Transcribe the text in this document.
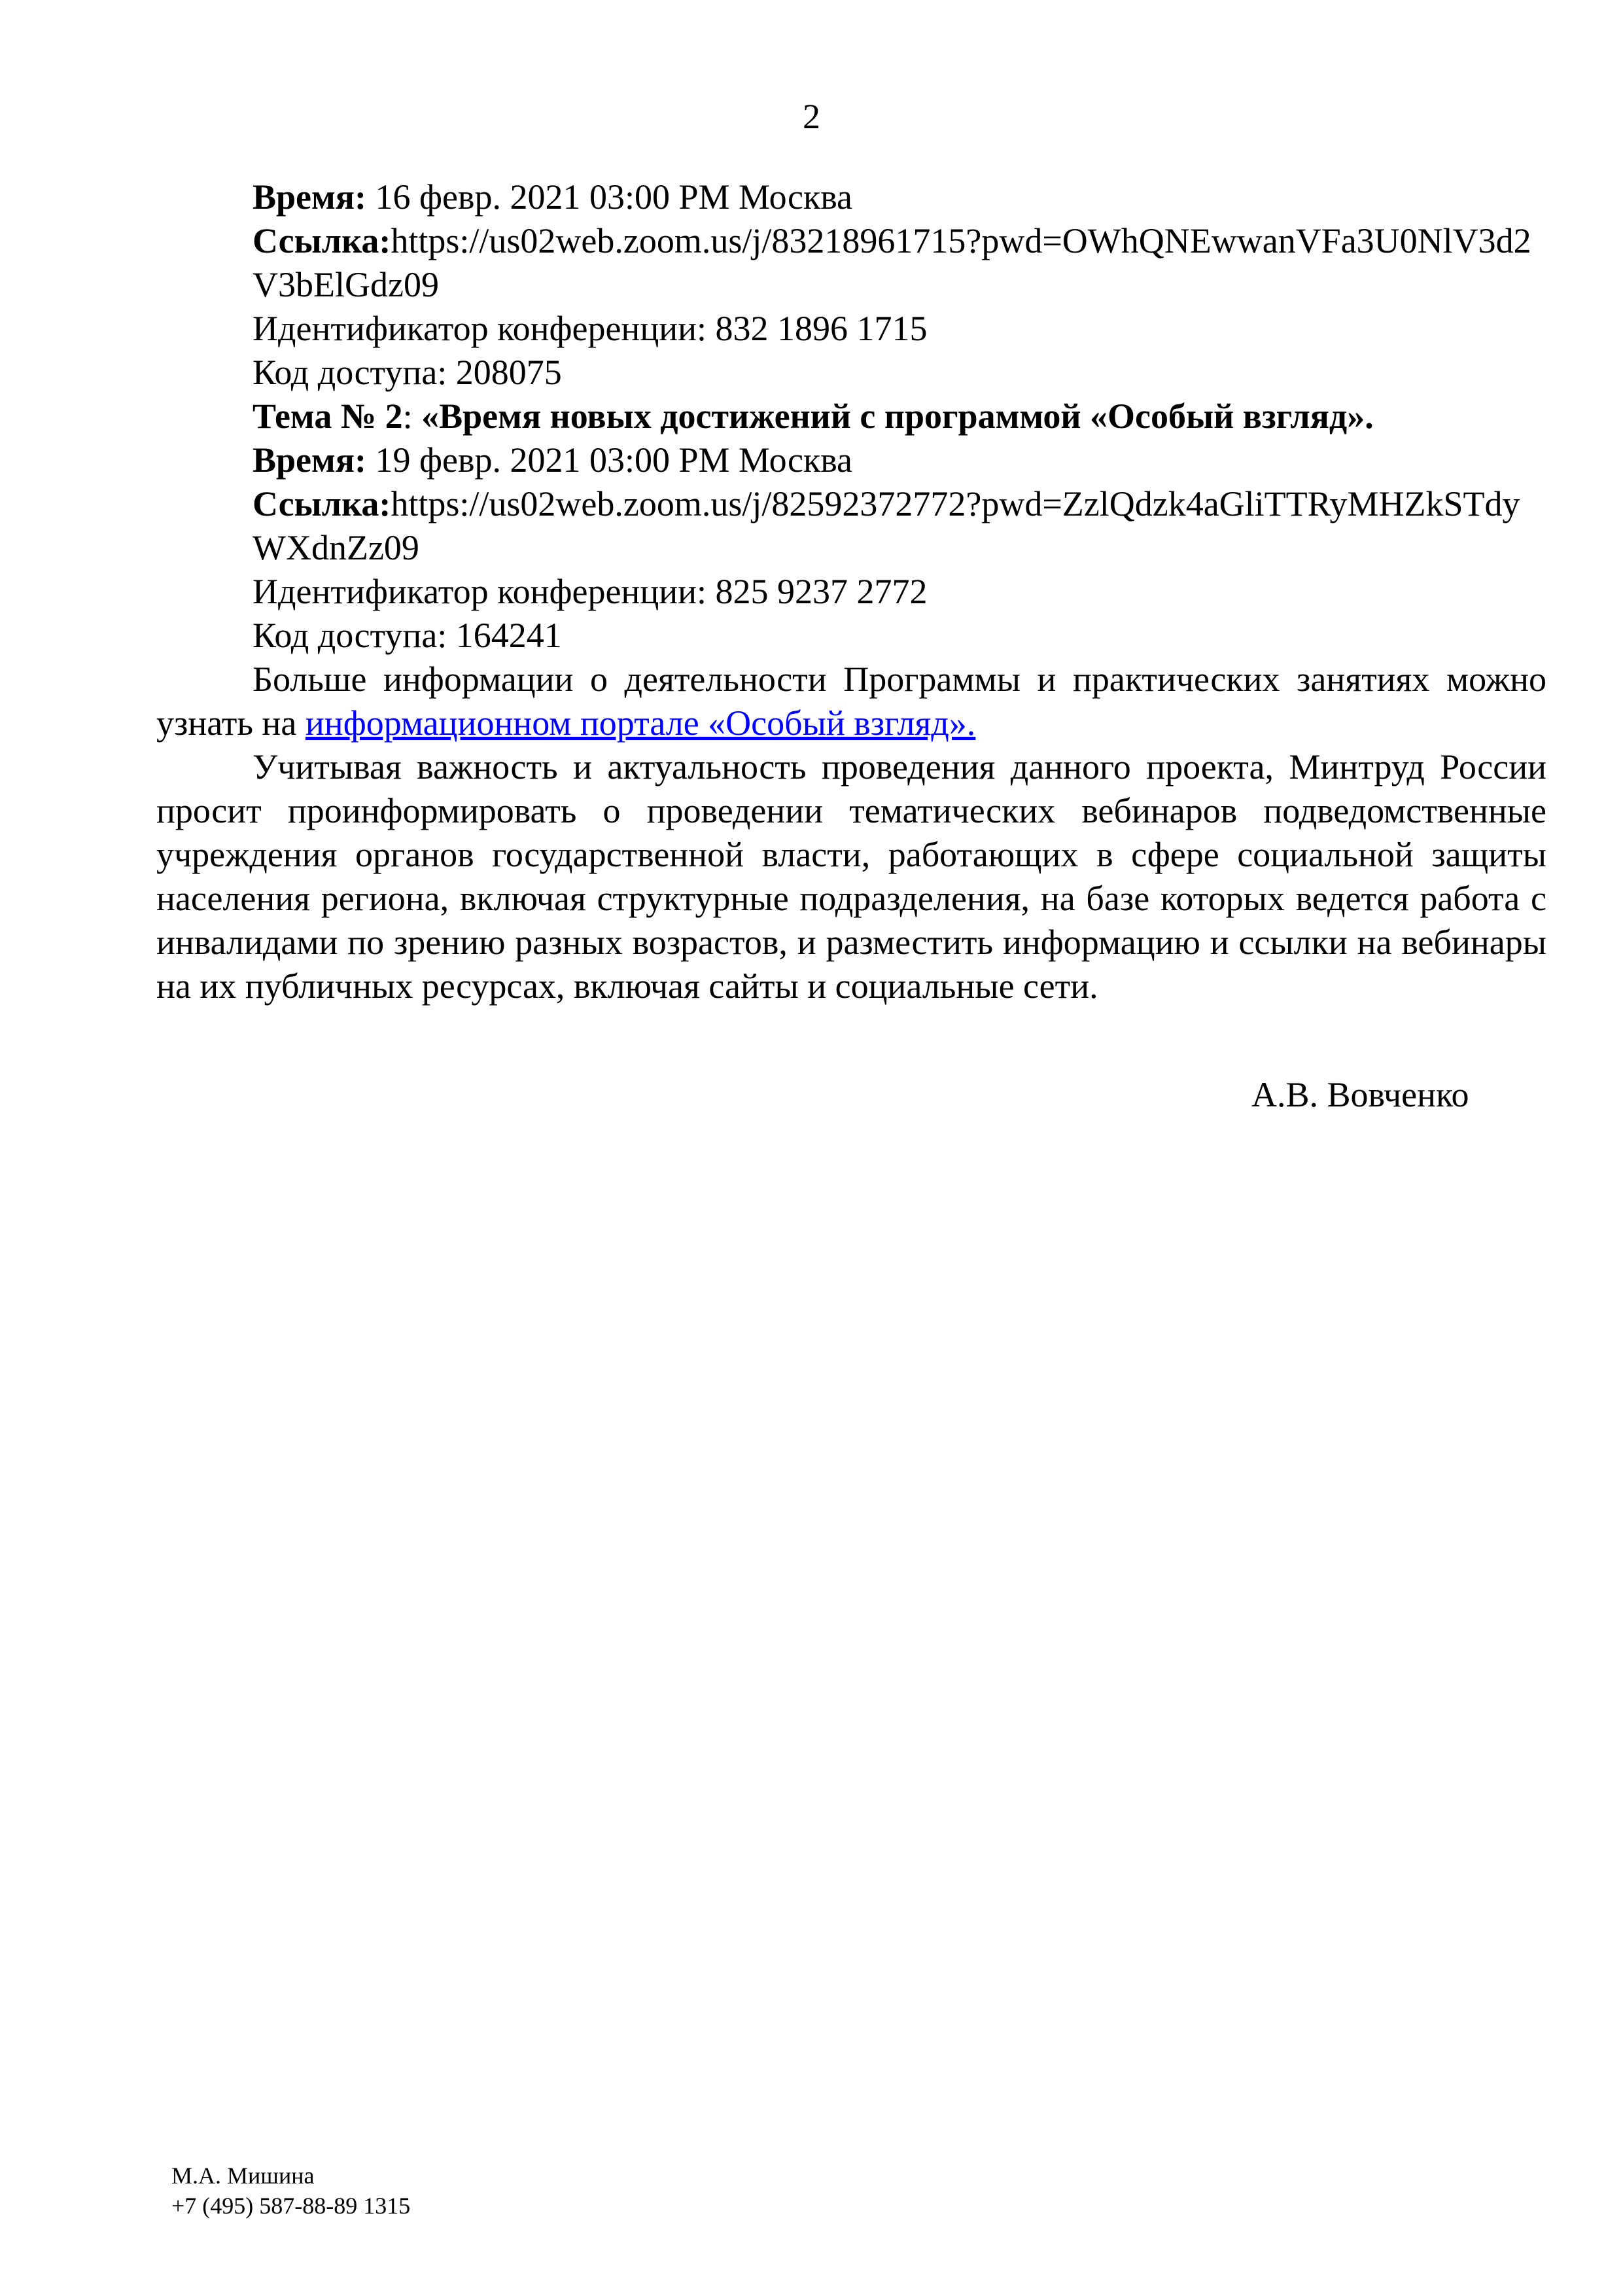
2

Время: 16 февр. 2021 03:00 PM Москва

Ссылка:https://us02web.zoom.us/j/83218961715?pwd=OWhQNEwwanVFa3U0NlV3d2V3bElGdz09

Идентификатор конференции: 832 1896 1715

Код доступа: 208075

Тема № 2: «Время новых достижений с программой «Особый взгляд».

Время: 19 февр. 2021 03:00 PM Москва

Ссылка:https://us02web.zoom.us/j/82592372772?pwd=ZzlQdzk4aGliTTRyMHZkSTdyWXdnZz09

Идентификатор конференции: 825 9237 2772

Код доступа: 164241

Больше информации о деятельности Программы и практических занятиях можно узнать на информационном портале «Особый взгляд».

Учитывая важность и актуальность проведения данного проекта, Минтруд России просит проинформировать о проведении тематических вебинаров подведомственные учреждения органов государственной власти, работающих в сфере социальной защиты населения региона, включая структурные подразделения, на базе которых ведется работа с инвалидами по зрению разных возрастов, и разместить информацию и ссылки на вебинары на их публичных ресурсах, включая сайты и социальные сети.

А.В. Вовченко
М.А. Мишина
+7 (495) 587-88-89 1315
